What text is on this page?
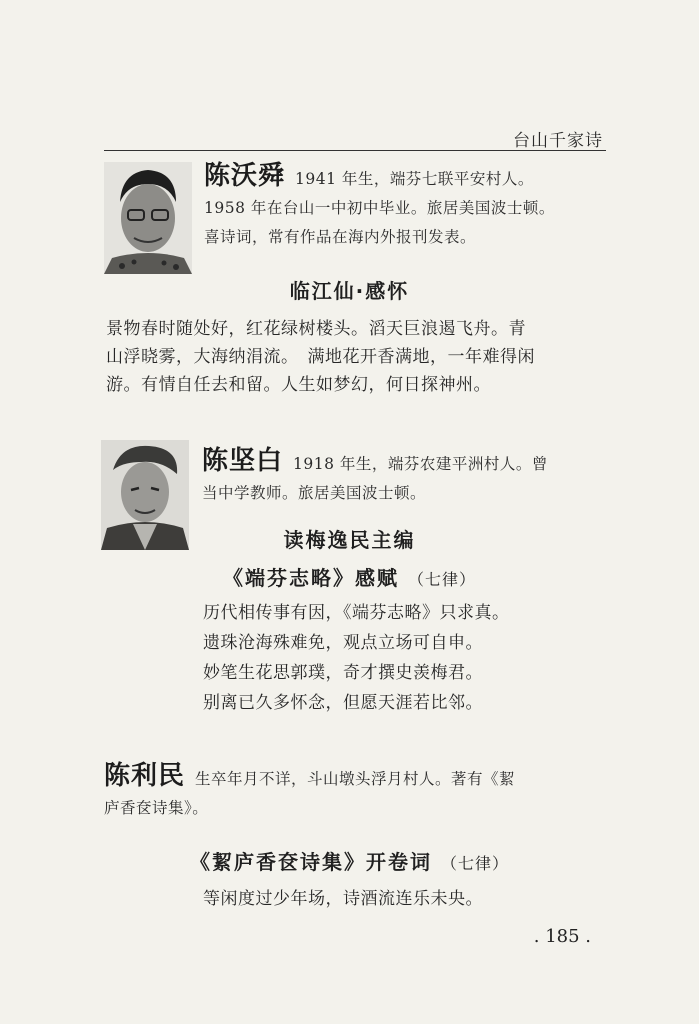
台山千家诗
陈沃舜 1941 年生，端芬七联平安村人。
1958 年在台山一中初中毕业。旅居美国波士顿。
喜诗词，常有作品在海内外报刊发表。
临江仙·感怀
景物春时随处好，红花绿树楼头。滔天巨浪遏飞舟。青
山浮晓雾，大海纳涓流。　满地花开香满地，一年难得闲
游。有情自任去和留。人生如梦幻，何日探神州。
陈坚白 1918 年生，端芬农建平洲村人。曾
当中学教师。旅居美国波士顿。
读梅逸民主编
《端芬志略》感赋 （七律）
历代相传事有因，《端芬志略》只求真。
遗珠沧海殊难免，观点立场可自申。
妙笔生花思郭璞，奇才撰史羡梅君。
别离已久多怀念，但愿天涯若比邻。
陈利民 生卒年月不详，斗山墩头浮月村人。著有《絜
庐香奁诗集》。
《絜庐香奁诗集》开卷词 （七律）
等闲度过少年场，诗酒流连乐未央。
. 185 .
